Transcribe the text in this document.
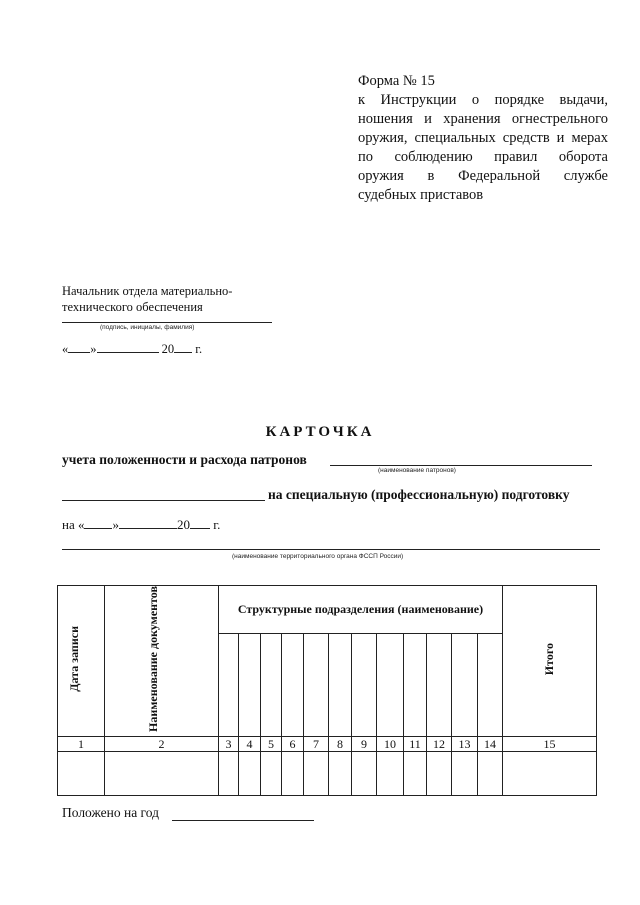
Форма № 15
к Инструкции о порядке выдачи,
ношения и хранения огнестрельного
оружия, специальных средств и мерах
по соблюдению правил оборота
оружия в Федеральной службе
судебных приставов
Начальник отдела материально-
технического обеспечения
(подпись, инициалы, фамилия)
« »	20 г.
КАРТОЧКА
учета положенности и расхода патронов
(наименование патронов)
на специальную (профессиональную) подготовку
на « »	20 г.
(наименование территориального органа ФССП России)
Дата записи	Наименование документов	Структурные подразделения (наименование)												Итого

1	2	3	4	5	6	7	8	9	10	11	12	13	14	15

Положено на год
